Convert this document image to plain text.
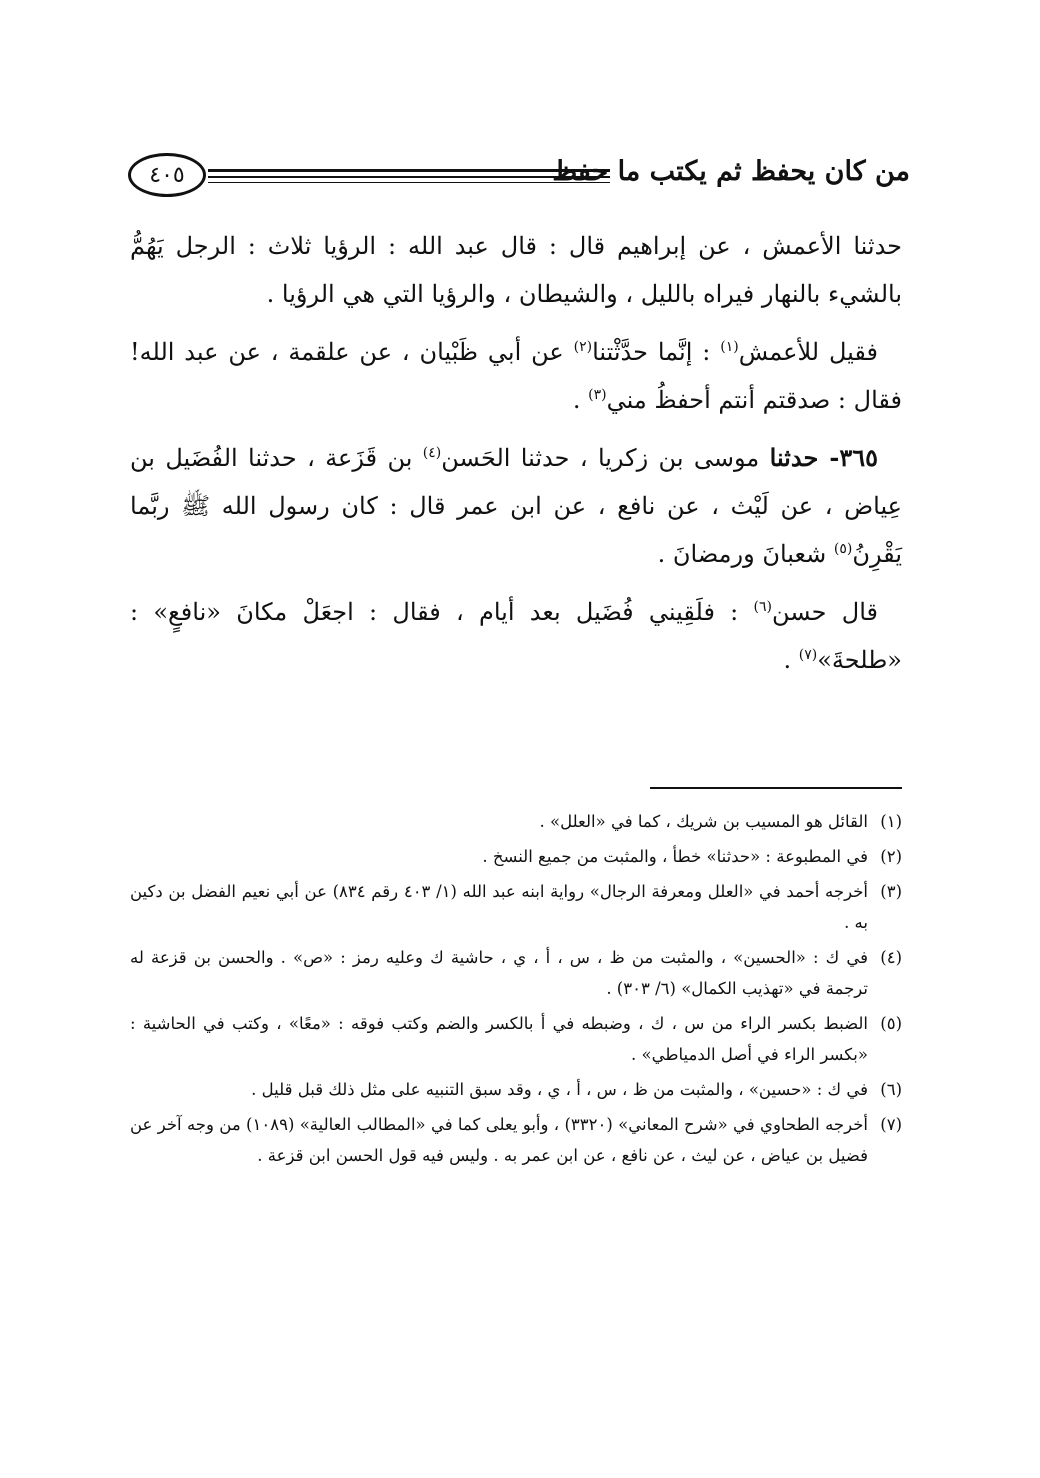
٤٠٥	من كان يحفظ ثم يكتب ما حفظ

حدثنا الأعمش ، عن إبراهيم قال : قال عبد الله : الرؤيا ثلاث : الرجل يَهُمُّ بالشيء بالنهار فيراه بالليل ، والشيطان ، والرؤيا التي هي الرؤيا .

فقيل للأعمش$^{(١)}$ : إنَّما حدَّثْتنا$^{(٢)}$ عن أبي ظَبْيان ، عن علقمة ، عن عبد الله! فقال : صدقتم أنتم أحفظُ مني$^{(٣)}$ .

٣٦٥- حدثنا موسى بن زكريا ، حدثنا الحَسن$^{(٤)}$ بن قَزَعة ، حدثنا الفُضَيل بن عِياض ، عن لَيْث ، عن نافع ، عن ابن عمر قال : كان رسول الله ﷺ ربَّما يَقْرِنُ$^{(٥)}$ شعبانَ ورمضانَ .

قال حسن$^{(٦)}$ : فلَقِيني فُضَيل بعد أيام ، فقال : اجعَلْ مكانَ «نافعٍ» : «طلحةَ»$^{(٧)}$ .

(١)
القائل هو المسيب بن شريك ، كما في «العلل» .

(٢)
في المطبوعة : «حدثنا» خطأ ، والمثبت من جميع النسخ .

(٣)
أخرجه أحمد في «العلل ومعرفة الرجال» رواية ابنه عبد الله (١/ ٤٠٣ رقم ٨٣٤) عن أبي نعيم الفضل بن دكين به .

(٤)
في ك : «الحسين» ، والمثبت من ظ ، س ، أ ، ي ، حاشية ك وعليه رمز : «ص» . والحسن بن قزعة له ترجمة في «تهذيب الكمال» (٦/ ٣٠٣) .

(٥)
الضبط بكسر الراء من س ، ك ، وضبطه في أ بالكسر والضم وكتب فوقه : «معًا» ، وكتب في الحاشية : «بكسر الراء في أصل الدمياطي» .

(٦)
في ك : «حسين» ، والمثبت من ظ ، س ، أ ، ي ، وقد سبق التنبيه على مثل ذلك قبل قليل .

(٧)
أخرجه الطحاوي في «شرح المعاني» (٣٣٢٠) ، وأبو يعلى كما في «المطالب العالية» (١٠٨٩) من وجه آخر عن فضيل بن عياض ، عن ليث ، عن نافع ، عن ابن عمر به . وليس فيه قول الحسن ابن قزعة .
